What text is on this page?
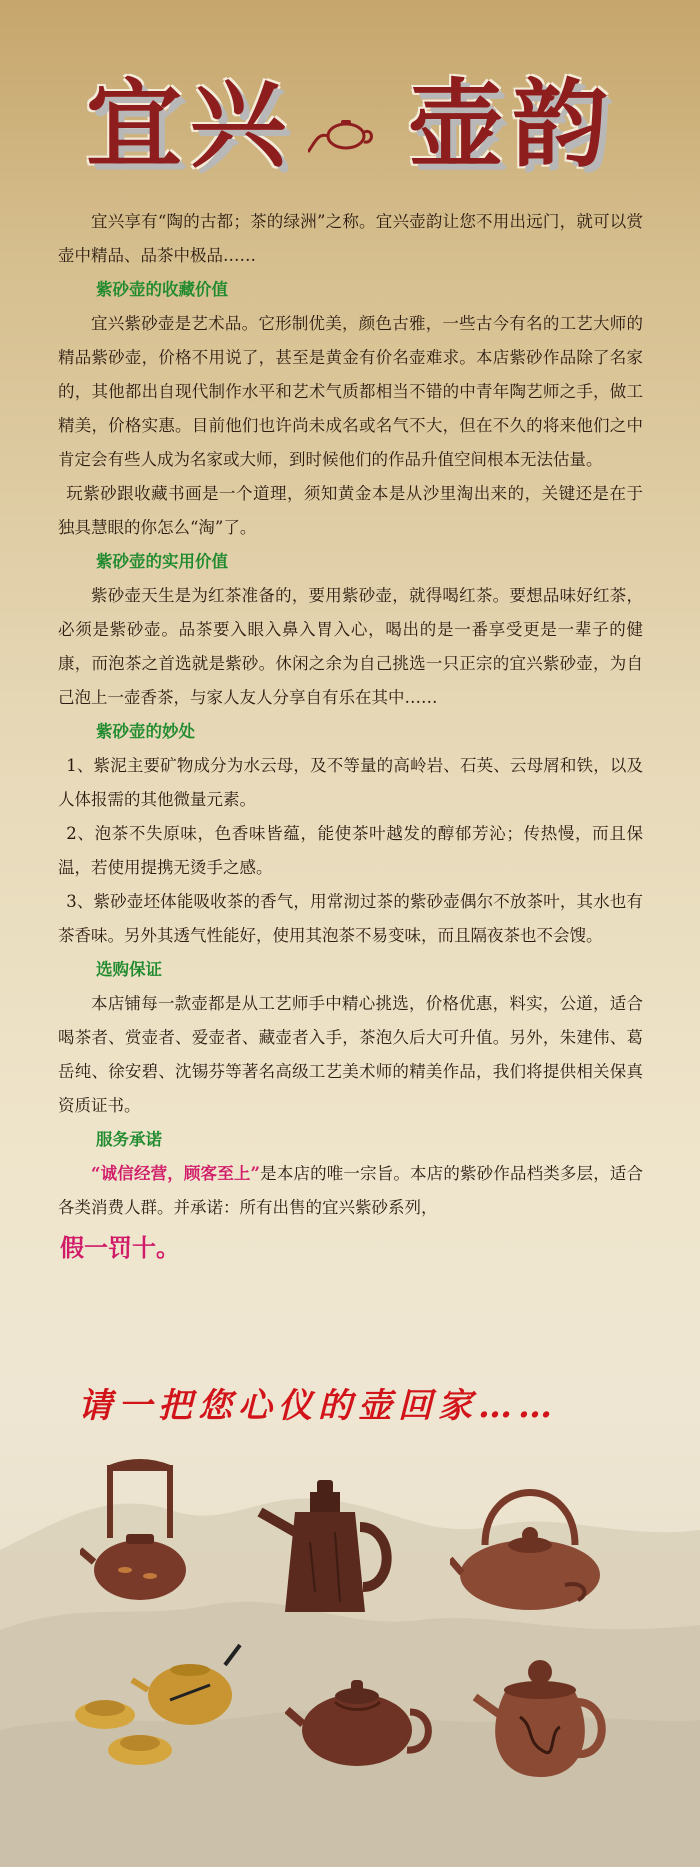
宜兴 壶韵

宜兴享有“陶的古都；茶的绿洲”之称。宜兴壶韵让您不用出远门，就可以赏壶中精品、品茶中极品……

紫砂壶的收藏价值

宜兴紫砂壶是艺术品。它形制优美，颜色古雅，一些古今有名的工艺大师的精品紫砂壶，价格不用说了，甚至是黄金有价名壶难求。本店紫砂作品除了名家的，其他都出自现代制作水平和艺术气质都相当不错的中青年陶艺师之手，做工精美，价格实惠。目前他们也许尚未成名或名气不大，但在不久的将来他们之中肯定会有些人成为名家或大师，到时候他们的作品升值空间根本无法估量。

玩紫砂跟收藏书画是一个道理，须知黄金本是从沙里淘出来的，关键还是在于独具慧眼的你怎么“淘”了。

紫砂壶的实用价值

紫砂壶天生是为红茶准备的，要用紫砂壶，就得喝红茶。要想品味好红茶，必须是紫砂壶。品茶要入眼入鼻入胃入心，喝出的是一番享受更是一辈子的健康，而泡茶之首选就是紫砂。休闲之余为自己挑选一只正宗的宜兴紫砂壶，为自己泡上一壶香茶，与家人友人分享自有乐在其中……

紫砂壶的妙处

1、紫泥主要矿物成分为水云母，及不等量的高岭岩、石英、云母屑和铁，以及人体报需的其他微量元素。

2、泡茶不失原味，色香味皆蕴，能使茶叶越发的醇郁芳沁；传热慢，而且保温，若使用提携无烫手之感。

3、紫砂壶坯体能吸收茶的香气，用常沏过茶的紫砂壶偶尔不放茶叶，其水也有茶香味。另外其透气性能好，使用其泡茶不易变味，而且隔夜茶也不会馊。

选购保证

本店铺每一款壶都是从工艺师手中精心挑选，价格优惠，料实，公道，适合喝茶者、赏壶者、爱壶者、藏壶者入手，茶泡久后大可升值。另外，朱建伟、葛岳纯、徐安碧、沈锡芬等著名高级工艺美术师的精美作品，我们将提供相关保真资质证书。

服务承诺

“诚信经营，顾客至上”是本店的唯一宗旨。本店的紫砂作品档类多层，适合各类消费人群。并承诺：所有出售的宜兴紫砂系列，

假一罚十。
请一把您心仪的壶回家……
